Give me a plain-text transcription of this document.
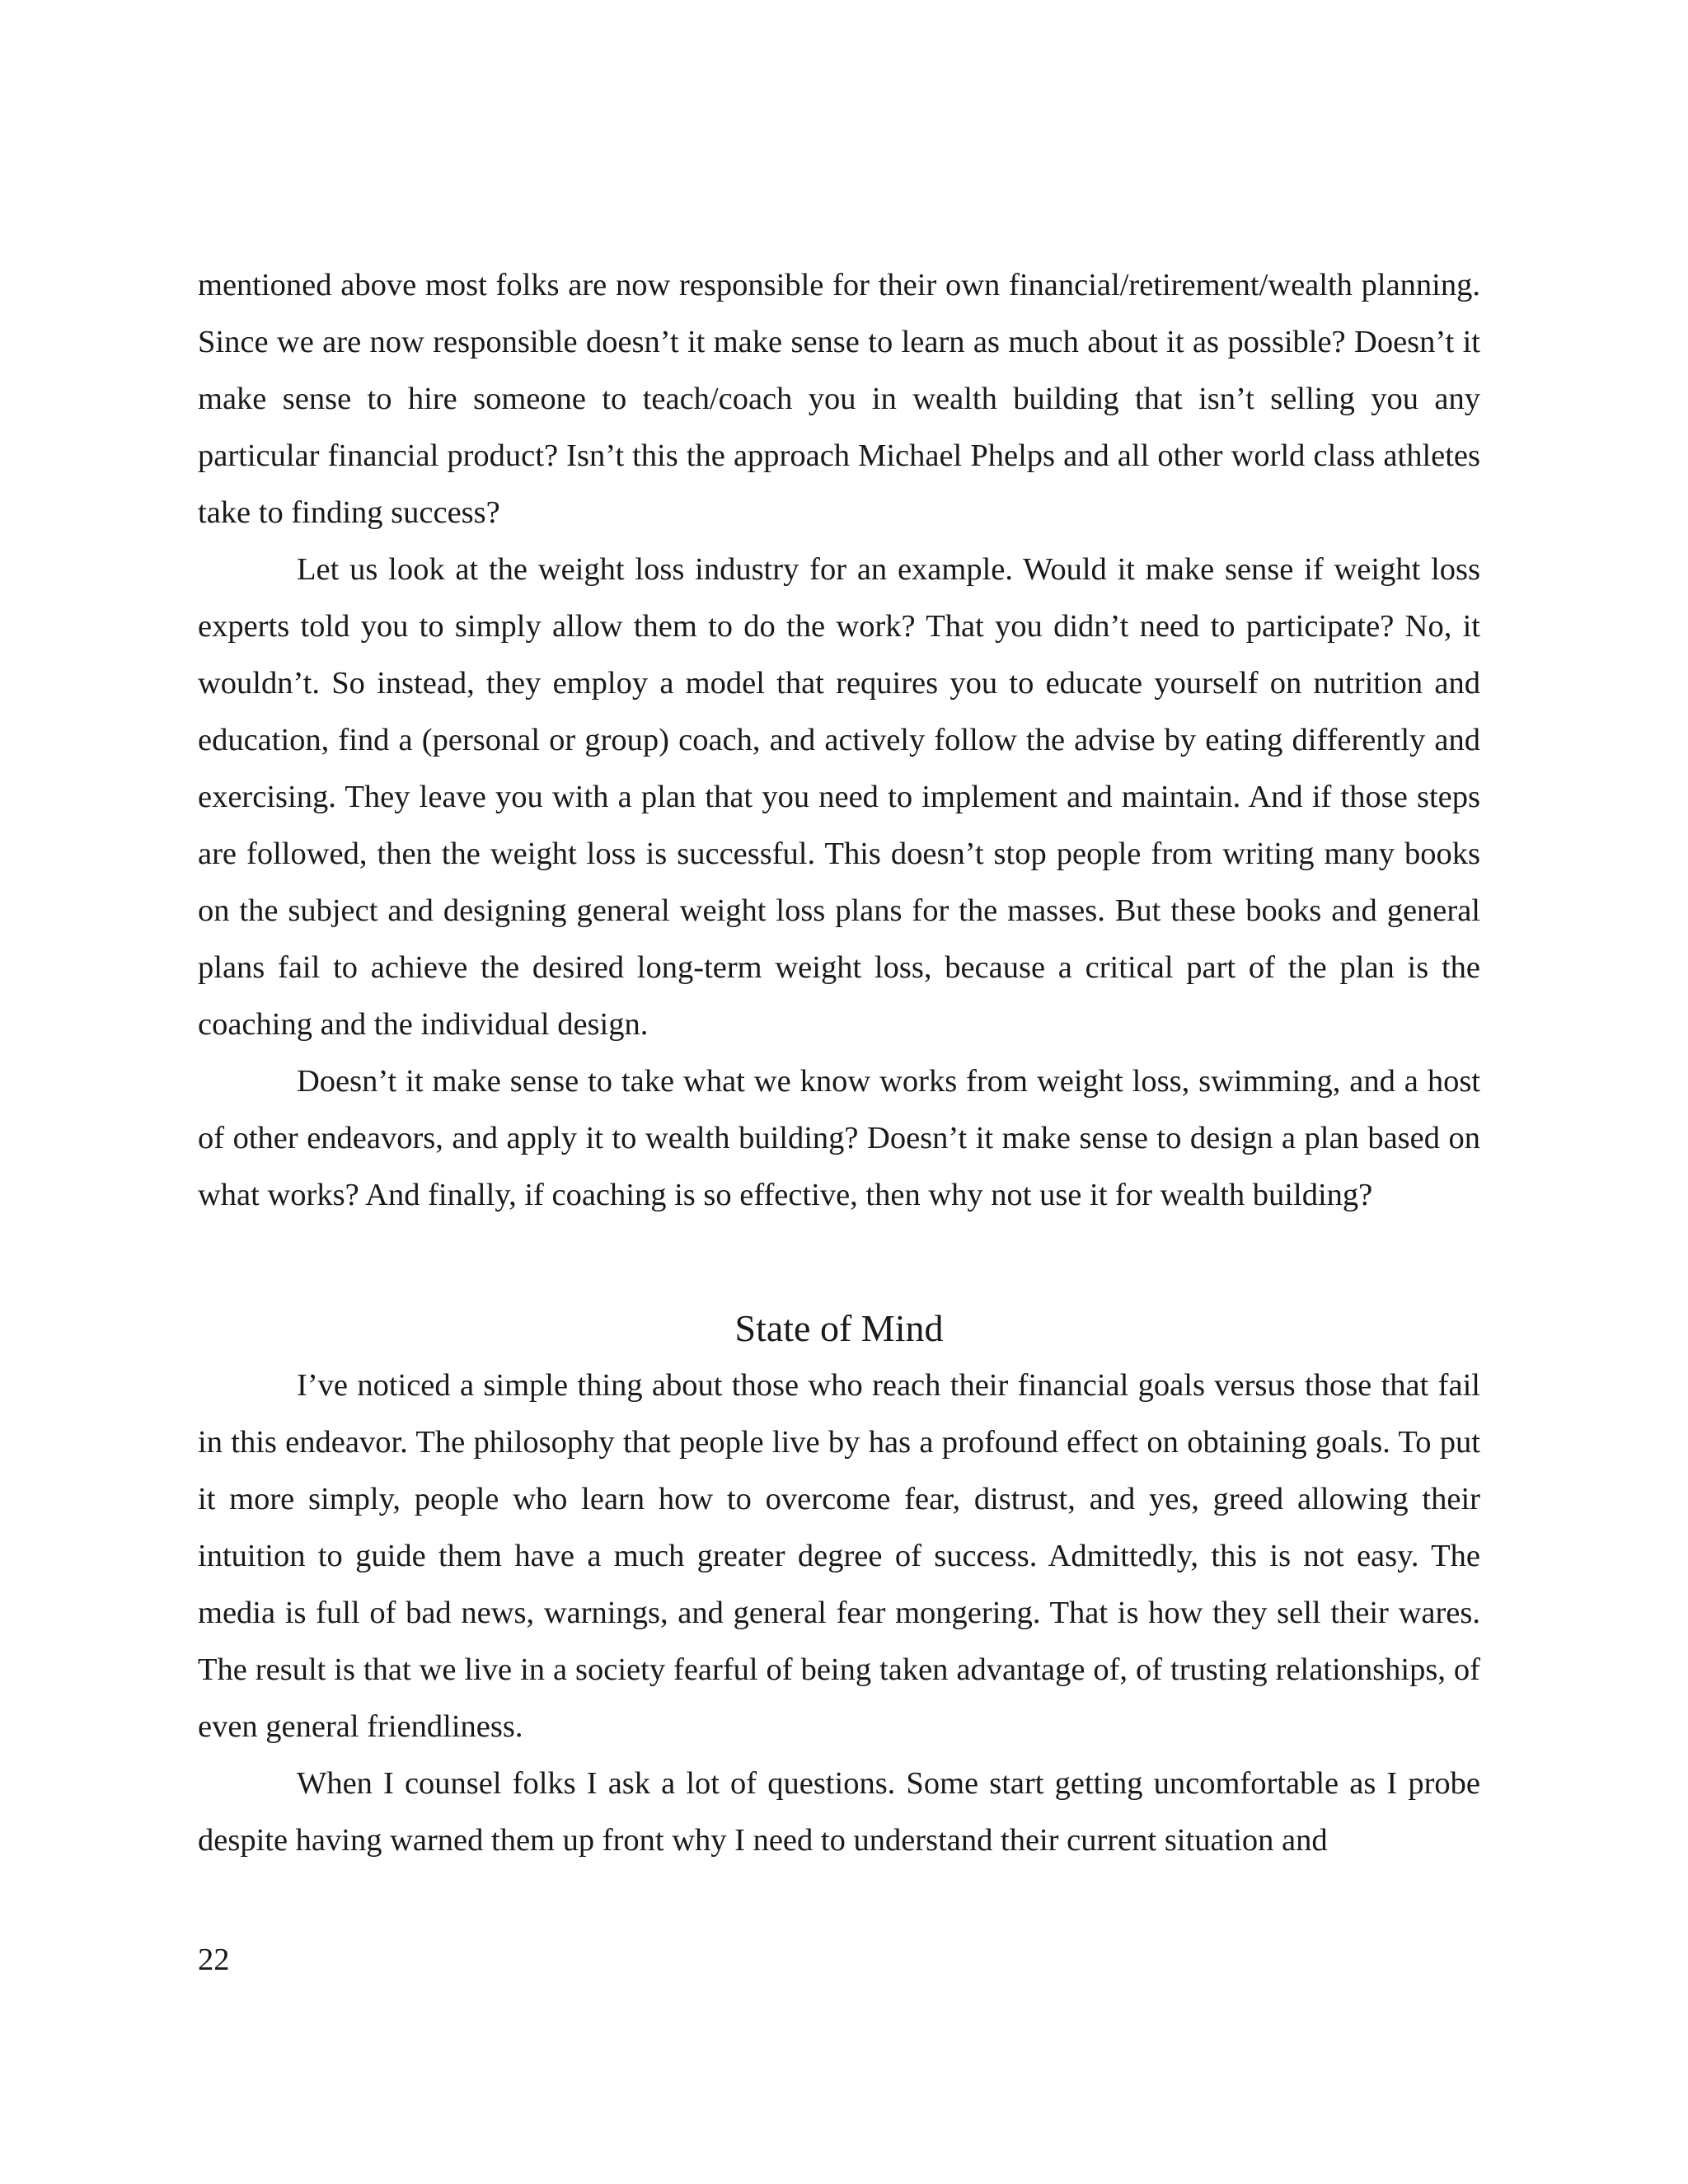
mentioned above most folks are now responsible for their own financial/retirement/wealth planning. Since we are now responsible doesn’t it make sense to learn as much about it as possible? Doesn’t it make sense to hire someone to teach/coach you in wealth building that isn’t selling you any particular financial product? Isn’t this the approach Michael Phelps and all other world class athletes take to finding success?

Let us look at the weight loss industry for an example. Would it make sense if weight loss experts told you to simply allow them to do the work? That you didn’t need to participate? No, it wouldn’t. So instead, they employ a model that requires you to educate yourself on nutrition and education, find a (personal or group) coach, and actively follow the advise by eating differently and exercising. They leave you with a plan that you need to implement and maintain. And if those steps are followed, then the weight loss is successful. This doesn’t stop people from writing many books on the subject and designing general weight loss plans for the masses. But these books and general plans fail to achieve the desired long-term weight loss, because a critical part of the plan is the coaching and the individual design.

Doesn’t it make sense to take what we know works from weight loss, swimming, and a host of other endeavors, and apply it to wealth building? Doesn’t it make sense to design a plan based on what works? And finally, if coaching is so effective, then why not use it for wealth building?

State of Mind

I’ve noticed a simple thing about those who reach their financial goals versus those that fail in this endeavor. The philosophy that people live by has a profound effect on obtaining goals. To put it more simply, people who learn how to overcome fear, distrust, and yes, greed allowing their intuition to guide them have a much greater degree of success. Admittedly, this is not easy. The media is full of bad news, warnings, and general fear mongering. That is how they sell their wares. The result is that we live in a society fearful of being taken advantage of, of trusting relationships, of even general friendliness.

When I counsel folks I ask a lot of questions. Some start getting uncomfortable as I probe despite having warned them up front why I need to understand their current situation and

22
